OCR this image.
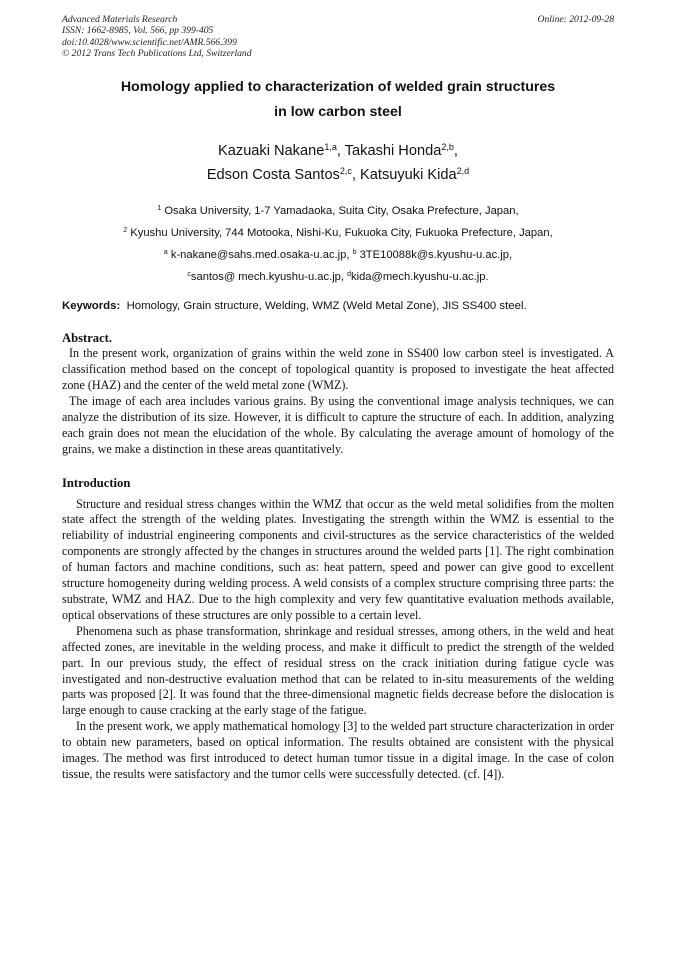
Advanced Materials Research
ISSN: 1662-8985, Vol. 566, pp 399-405
doi:10.4028/www.scientific.net/AMR.566.399
© 2012 Trans Tech Publications Ltd, Switzerland
Online: 2012-09-28
Homology applied to characterization of welded grain structures
in low carbon steel
Kazuaki Nakane$^{1,a}$, Takashi Honda$^{2,b}$,
Edson Costa Santos$^{2,c}$, Katsuyuki Kida$^{2,d}$
$^1$ Osaka University, 1-7 Yamadaoka, Suita City, Osaka Prefecture, Japan,
$^2$ Kyushu University, 744 Motooka, Nishi-Ku, Fukuoka City, Fukuoka Prefecture, Japan,
$^a$ k-nakane@sahs.med.osaka-u.ac.jp, $^b$ 3TE10088k@s.kyushu-u.ac.jp,
$^c$santos@ mech.kyushu-u.ac.jp, $^d$kida@mech.kyushu-u.ac.jp.
Keywords: Homology, Grain structure, Welding, WMZ (Weld Metal Zone), JIS SS400 steel.
Abstract.

In the present work, organization of grains within the weld zone in SS400 low carbon steel is investigated. A classification method based on the concept of topological quantity is proposed to investigate the heat affected zone (HAZ) and the center of the weld metal zone (WMZ).

The image of each area includes various grains. By using the conventional image analysis techniques, we can analyze the distribution of its size. However, it is difficult to capture the structure of each. In addition, analyzing each grain does not mean the elucidation of the whole. By calculating the average amount of homology of the grains, we make a distinction in these areas quantitatively.

Introduction

Structure and residual stress changes within the WMZ that occur as the weld metal solidifies from the molten state affect the strength of the welding plates. Investigating the strength within the WMZ is essential to the reliability of industrial engineering components and civil-structures as the service characteristics of the welded components are strongly affected by the changes in structures around the welded parts [1]. The right combination of human factors and machine conditions, such as: heat pattern, speed and power can give good to excellent structure homogeneity during welding process. A weld consists of a complex structure comprising three parts: the substrate, WMZ and HAZ. Due to the high complexity and very few quantitative evaluation methods available, optical observations of these structures are only possible to a certain level.

Phenomena such as phase transformation, shrinkage and residual stresses, among others, in the weld and heat affected zones, are inevitable in the welding process, and make it difficult to predict the strength of the welded part. In our previous study, the effect of residual stress on the crack initiation during fatigue cycle was investigated and non-destructive evaluation method that can be related to in-situ measurements of the welding parts was proposed [2]. It was found that the three-dimensional magnetic fields decrease before the dislocation is large enough to cause cracking at the early stage of the fatigue.

In the present work, we apply mathematical homology [3] to the welded part structure characterization in order to obtain new parameters, based on optical information. The results obtained are consistent with the physical images. The method was first introduced to detect human tumor tissue in a digital image. In the case of colon tissue, the results were satisfactory and the tumor cells were successfully detected. (cf. [4]).
